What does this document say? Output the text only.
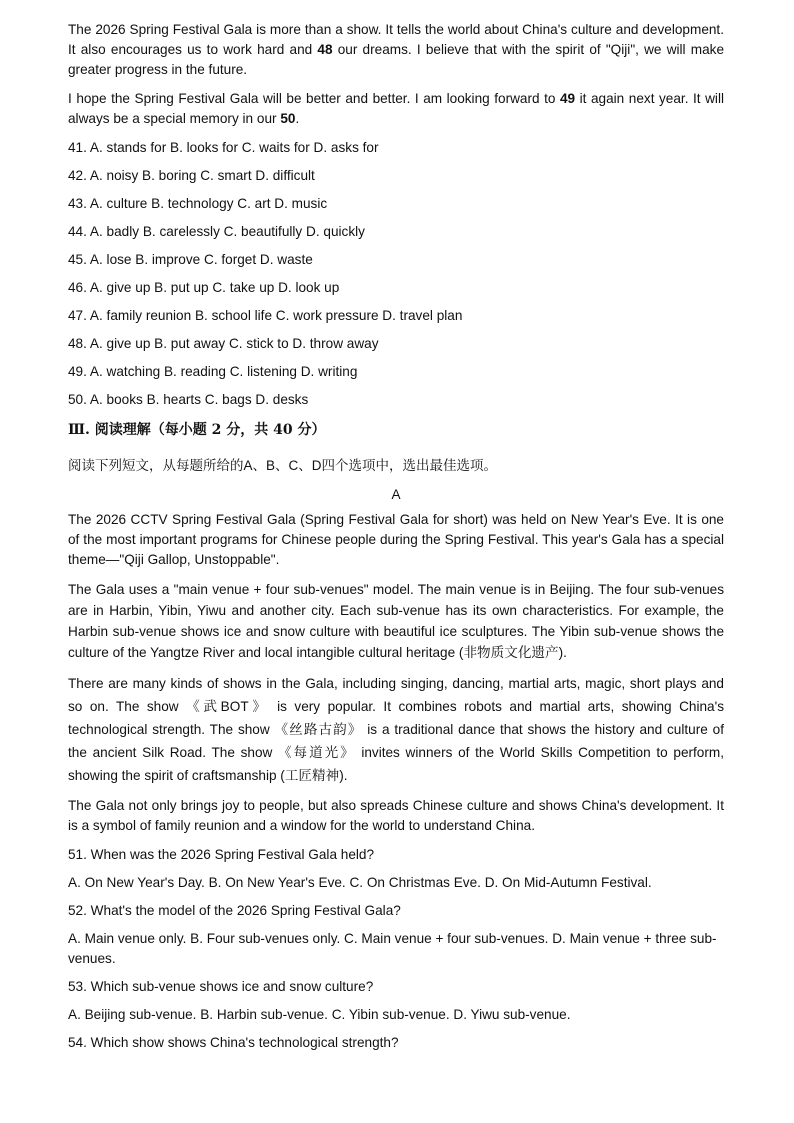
The 2026 Spring Festival Gala is more than a show. It tells the world about China's culture and development. It also encourages us to work hard and 48 our dreams. I believe that with the spirit of "Qiji", we will make greater progress in the future.

I hope the Spring Festival Gala will be better and better. I am looking forward to 49 it again next year. It will always be a special memory in our 50.

41. A. stands for B. looks for C. waits for D. asks for

42. A. noisy B. boring C. smart D. difficult

43. A. culture B. technology C. art D. music

44. A. badly B. carelessly C. beautifully D. quickly

45. A. lose B. improve C. forget D. waste

46. A. give up B. put up C. take up D. look up

47. A. family reunion B. school life C. work pressure D. travel plan

48. A. give up B. put away C. stick to D. throw away

49. A. watching B. reading C. listening D. writing

50. A. books B. hearts C. bags D. desks

Ⅲ. 阅读理解（每小题 2 分，共 40 分）

阅读下列短文，从每题所给的A、B、C、D四个选项中，选出最佳选项。

A

The 2026 CCTV Spring Festival Gala (Spring Festival Gala for short) was held on New Year's Eve. It is one of the most important programs for Chinese people during the Spring Festival. This year's Gala has a special theme—"Qiji Gallop, Unstoppable".

The Gala uses a "main venue + four sub-venues" model. The main venue is in Beijing. The four sub-venues are in Harbin, Yibin, Yiwu and another city. Each sub-venue has its own characteristics. For example, the Harbin sub-venue shows ice and snow culture with beautiful ice sculptures. The Yibin sub-venue shows the culture of the Yangtze River and local intangible cultural heritage (非物质文化遗产).

There are many kinds of shows in the Gala, including singing, dancing, martial arts, magic, short plays and so on. The show 《武BOT》 is very popular. It combines robots and martial arts, showing China's technological strength. The show 《丝路古韵》 is a traditional dance that shows the history and culture of the ancient Silk Road. The show 《每道光》 invites winners of the World Skills Competition to perform, showing the spirit of craftsmanship (工匠精神).

The Gala not only brings joy to people, but also spreads Chinese culture and shows China's development. It is a symbol of family reunion and a window for the world to understand China.

51. When was the 2026 Spring Festival Gala held?

A. On New Year's Day. B. On New Year's Eve. C. On Christmas Eve. D. On Mid-Autumn Festival.

52. What's the model of the 2026 Spring Festival Gala?

A. Main venue only. B. Four sub-venues only. C. Main venue + four sub-venues. D. Main venue + three sub-venues.

53. Which sub-venue shows ice and snow culture?

A. Beijing sub-venue. B. Harbin sub-venue. C. Yibin sub-venue. D. Yiwu sub-venue.

54. Which show shows China's technological strength?
